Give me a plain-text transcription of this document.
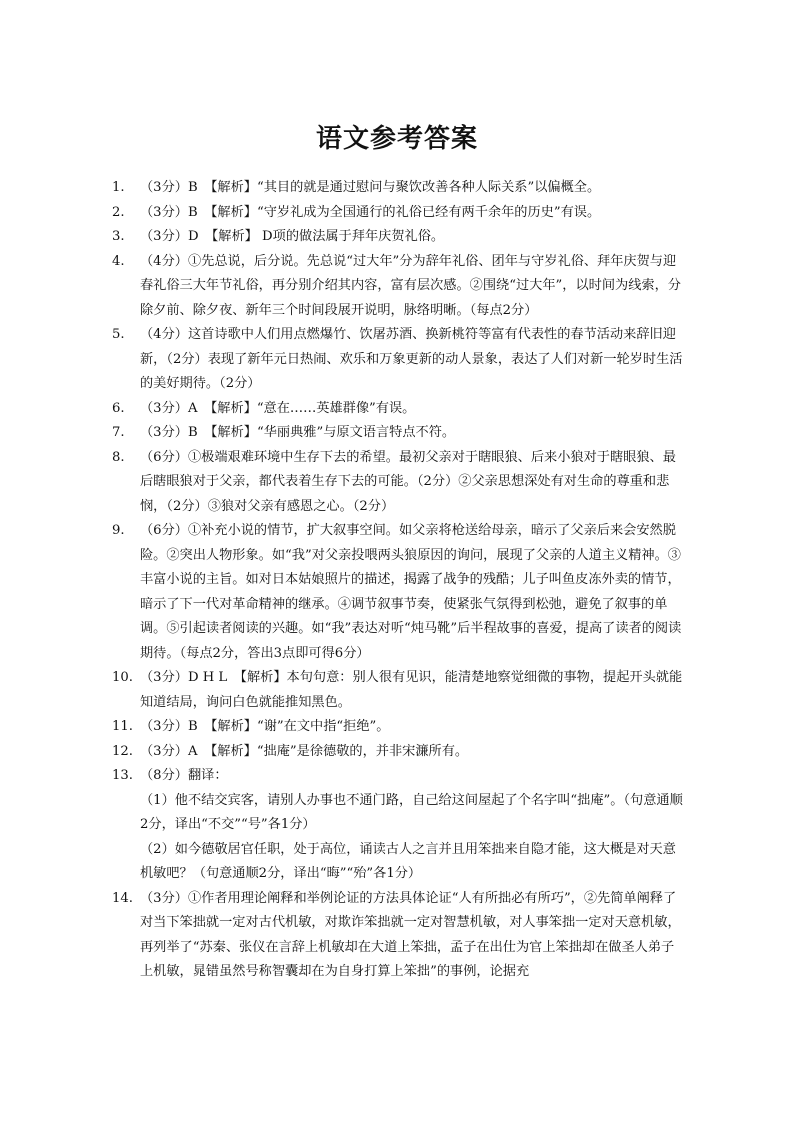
语文参考答案
1. （3分）B　【解析】“其目的就是通过慰问与聚饮改善各种人际关系”以偏概全。
2. （3分）B　【解析】“守岁礼成为全国通行的礼俗已经有两千余年的历史”有误。
3. （3分）D　【解析】 D项的做法属于拜年庆贺礼俗。
4. （4分）①先总说，后分说。先总说“过大年”分为辞年礼俗、团年与守岁礼俗、拜年庆贺与迎春礼俗三大年节礼俗，再分别介绍其内容，富有层次感。②围绕“过大年”，以时间为线索，分除夕前、除夕夜、新年三个时间段展开说明，脉络明晰。（每点2分）
5. （4分）这首诗歌中人们用点燃爆竹、饮屠苏酒、换新桃符等富有代表性的春节活动来辞旧迎新，（2分）表现了新年元日热闹、欢乐和万象更新的动人景象，表达了人们对新一轮岁时生活的美好期待。（2分）
6. （3分）A　【解析】“意在……英雄群像”有误。
7. （3分）B　【解析】“华丽典雅”与原文语言特点不符。
8. （6分）①极端艰难环境中生存下去的希望。最初父亲对于瞎眼狼、后来小狼对于瞎眼狼、最后瞎眼狼对于父亲，都代表着生存下去的可能。（2分）②父亲思想深处有对生命的尊重和悲悯，（2分）③狼对父亲有感恩之心。（2分）
9. （6分）①补充小说的情节，扩大叙事空间。如父亲将枪送给母亲，暗示了父亲后来会安然脱险。②突出人物形象。如“我”对父亲投喂两头狼原因的询问，展现了父亲的人道主义精神。③丰富小说的主旨。如对日本姑娘照片的描述，揭露了战争的残酷；儿子叫鱼皮冻外卖的情节，暗示了下一代对革命精神的继承。④调节叙事节奏，使紧张气氛得到松弛，避免了叙事的单调。⑤引起读者阅读的兴趣。如“我”表达对听“炖马靴”后半程故事的喜爱，提高了读者的阅读期待。（每点2分，答出3点即可得6分）
10. （3分）D H L　【解析】本句句意：别人很有见识，能清楚地察觉细微的事物，提起开头就能知道结局，询问白色就能推知黑色。
11. （3分）B　【解析】“谢”在文中指“拒绝”。
12. （3分）A　【解析】“拙庵”是徐德敬的，并非宋濂所有。
13. （8分）翻译：
（1）他不结交宾客，请别人办事也不通门路，自己给这间屋起了个名字叫“拙庵”。（句意通顺2分，译出“不交”“号”各1分）
（2）如今德敬居官任职，处于高位，诵读古人之言并且用笨拙来自隐才能，这大概是对天意机敏吧？（句意通顺2分，译出“晦”“殆”各1分）
14. （3分）①作者用理论阐释和举例论证的方法具体论证“人有所拙必有所巧”，②先简单阐释了对当下笨拙就一定对古代机敏，对欺诈笨拙就一定对智慧机敏，对人事笨拙一定对天意机敏，再列举了“苏秦、张仪在言辞上机敏却在大道上笨拙，孟子在出仕为官上笨拙却在做圣人弟子上机敏，晁错虽然号称智囊却在为自身打算上笨拙”的事例，论据充
